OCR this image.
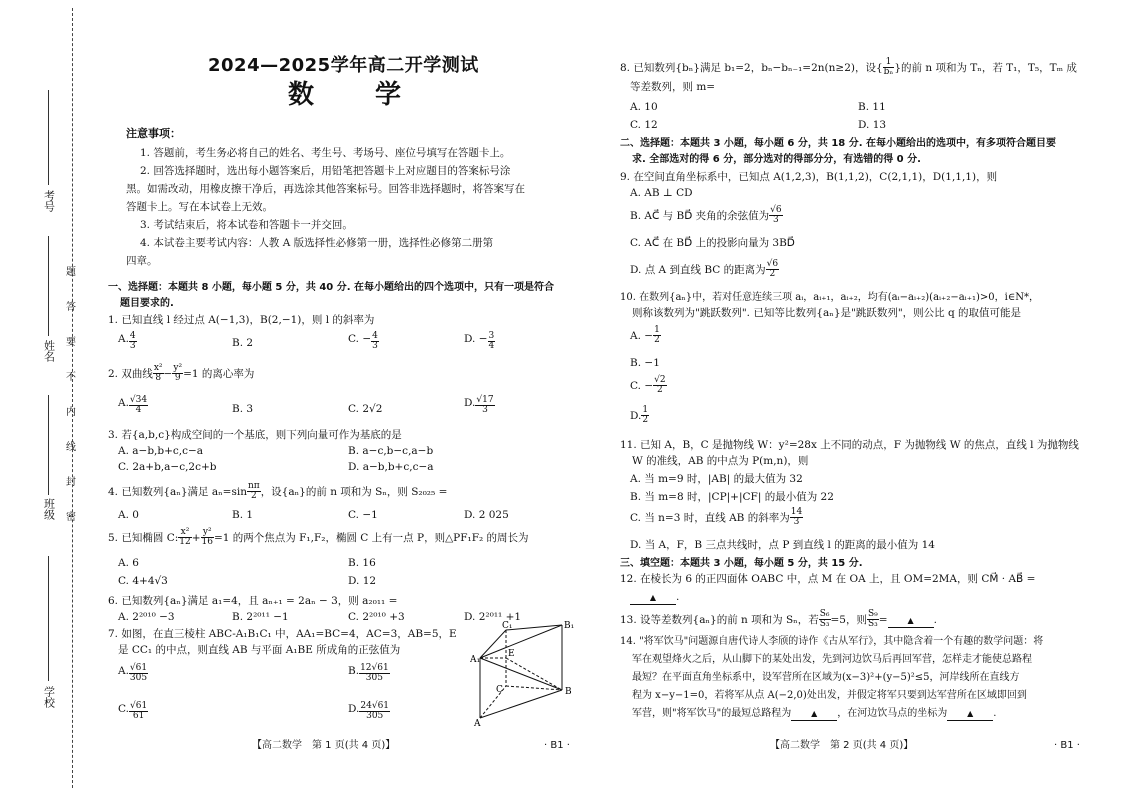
考号
姓名
班级
学校
题
答
要
不
内
线
封
密
2024—2025学年高二开学测试
数 学
注意事项：
1. 答题前，考生务必将自己的姓名、考生号、考场号、座位号填写在答题卡上。
2. 回答选择题时，选出每小题答案后，用铅笔把答题卡上对应题目的答案标号涂
黑。如需改动，用橡皮擦干净后，再选涂其他答案标号。回答非选择题时，将答案写在
答题卡上。写在本试卷上无效。
3. 考试结束后，将本试卷和答题卡一并交回。
4. 本试卷主要考试内容：人教 A 版选择性必修第一册，选择性必修第二册第
四章。
一、选择题：本题共 8 小题，每小题 5 分，共 40 分. 在每小题给出的四个选项中，只有一项是符合
题目要求的.
1. 已知直线 l 经过点 A(−1,3)，B(2,−1)，则 l 的斜率为
A. $\frac{4}{3}$	B. 2	C. − $\frac{4}{3}$	D. − $\frac{3}{4}$
2. 双曲线 $\frac{\text{x²}}{8} - \frac{\text{y²}}{9} =1$ 的离心率为
A. $\frac{√34}{4}$	B. 3	C. 2√2	D. $\frac{√17}{3}$
3. 若{a,b,c}构成空间的一个基底，则下列向量可作为基底的是
A. a−b,b+c,c−a	B. a−c,b−c,a−b
C. 2a+b,a−c,2c+b	D. a−b,b+c,c−a
4. 已知数列{aₙ}满足 $a_n=\sin \frac{n\pi}{2}$ ，设{aₙ}的前 n 项和为 Sₙ，则 S₂₀₂₅ =
A. 0	B. 1	C. −1	D. 2 025
5. 已知椭圆 C: $\frac{\text{x²}}{12} + \frac{\text{y²}}{16} =1$ 的两个焦点为 F₁,F₂，椭圆 C 上有一点 P，则△PF₁F₂ 的周长为
A. 6	B. 16
C. 4+4√3	D. 12
6. 已知数列{aₙ}满足 a₁=4，且 aₙ₊₁ = 2aₙ − 3，则 a₂₀₁₁ =
A. 2²⁰¹⁰ −3	B. 2²⁰¹¹ −1	C. 2²⁰¹⁰ +3	D. 2²⁰¹¹ +1
7. 如图，在直三棱柱 ABC-A₁B₁C₁ 中，AA₁=BC=4，AC=3，AB=5，E
是 CC₁ 的中点，则直线 AB 与平面 A₁BE 所成角的正弦值为
A. $\frac{√61}{305}$	B. $\frac{12√61}{305}$
C. $\frac{√61}{61}$	D. $\frac{24√61}{305}$
A₁
B₁
C₁
E
A
B
C
【高二数学　第 1 页(共 4 页)】	· B1 ·
8. 已知数列{bₙ}满足 b₁=2，bₙ−bₙ₋₁=2n(n≥2)，设{ $\frac{1}{\text{bₙ}}$ }的前 n 项和为 Tₙ，若 T₁，T₅，Tₘ 成
等差数列，则 m=
A. 10	B. 11
C. 12	D. 13
二、选择题：本题共 3 小题，每小题 6 分，共 18 分. 在每小题给出的选项中，有多项符合题目要
求. 全部选对的得 6 分，部分选对的得部分分，有选错的得 0 分.
9. 在空间直角坐标系中，已知点 A(1,2,3)，B(1,1,2)，C(2,1,1)，D(1,1,1)，则
A. AB ⊥ CD
B. AC⃗ 与 BD⃗ 夹角的余弦值为 $\frac{√6}{3}$
C. AC⃗ 在 BD⃗ 上的投影向量为 3BD⃗
D. 点 A 到直线 BC 的距离为 $\frac{√6}{2}$
10. 在数列{aₙ}中，若对任意连续三项 aᵢ，aᵢ₊₁，aᵢ₊₂，均有(aᵢ−aᵢ₊₂)(aᵢ₊₂−aᵢ₊₁)>0，i∈N*，
则称该数列为"跳跃数列". 已知等比数列{aₙ}是"跳跃数列"，则公比 q 的取值可能是
A. − $\frac{1}{2}$
B. −1
C. − $\frac{√2}{2}$
D. $\frac{1}{2}$
11. 已知 A，B，C 是抛物线 W：y²=28x 上不同的动点，F 为抛物线 W 的焦点，直线 l 为抛物线
W 的准线，AB 的中点为 P(m,n)，则
A. 当 m=9 时，|AB| 的最大值为 32
B. 当 m=8 时，|CP|+|CF| 的最小值为 22
C. 当 n=3 时，直线 AB 的斜率为 $\frac{14}{3}$
D. 当 A，F，B 三点共线时，点 P 到直线 l 的距离的最小值为 14
三、填空题：本题共 3 小题，每小题 5 分，共 15 分.
12. 在棱长为 6 的正四面体 OABC 中，点 M 在 OA 上，且 OM=2MA，则 CM⃗ · AB⃗ =
▲ .
13. 设等差数列{aₙ}的前 n 项和为 Sₙ，若 $\frac{\text{S₆}}{\text{S₃}} =5$，则 $\frac{\text{S₉}}{\text{S₃}}$ = ▲ .
14. "将军饮马"问题源自唐代诗人李颀的诗作《古从军行》，其中隐含着一个有趣的数学问题：将
军在观望烽火之后，从山脚下的某处出发，先到河边饮马后再回军营，怎样走才能使总路程
最短？在平面直角坐标系中，设军营所在区域为(x−3)²+(y−5)²≤5，河岸线所在直线方
程为 x−y−1=0，若将军从点 A(−2,0)处出发，并假定将军只要到达军营所在区域即回到
军营，则"将军饮马"的最短总路程为 ▲ ，在河边饮马点的坐标为 ▲ .
【高二数学　第 2 页(共 4 页)】	· B1 ·
